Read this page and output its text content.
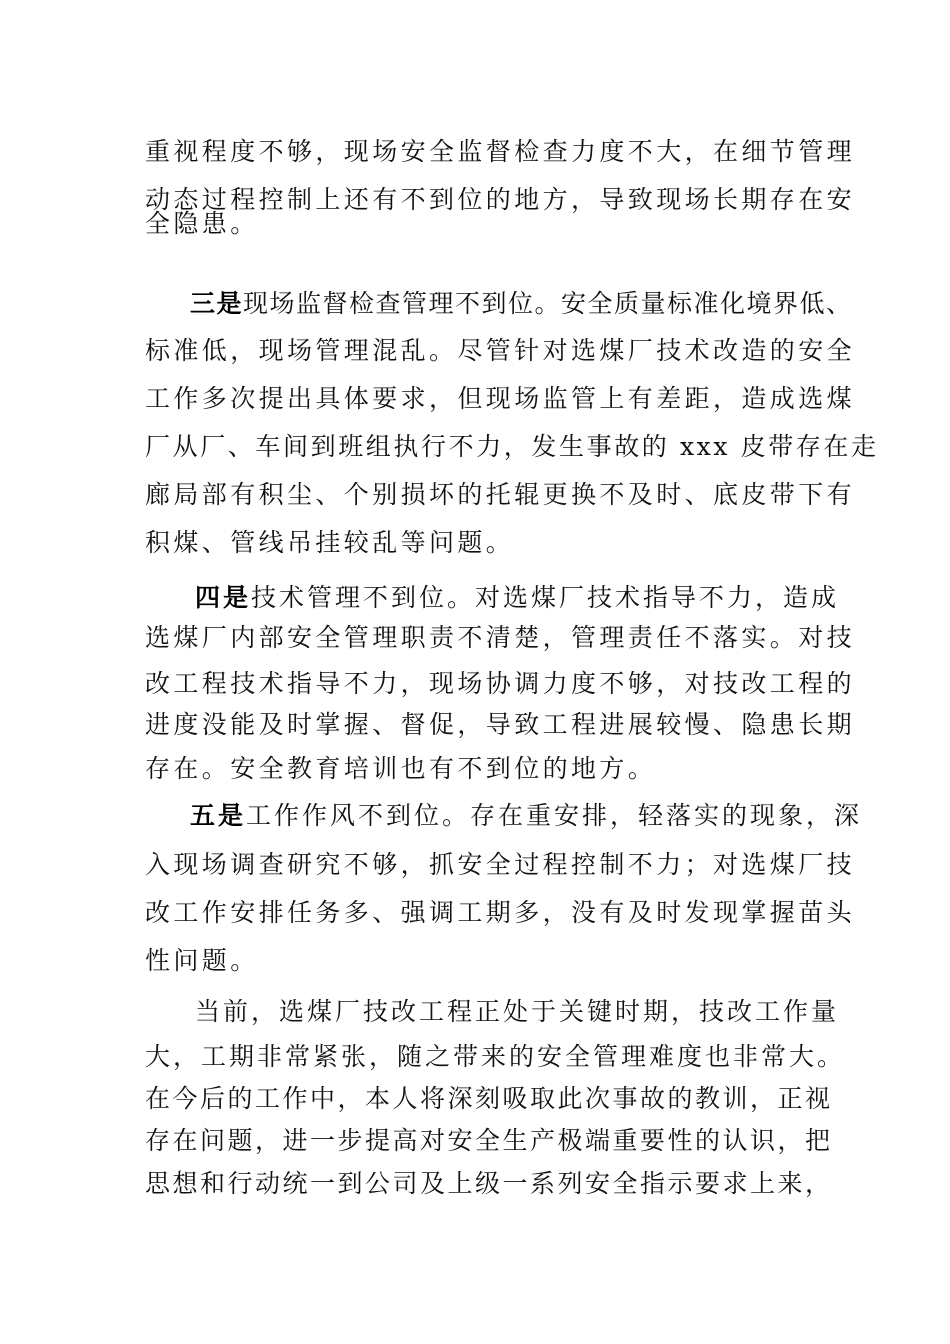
重视程度不够，现场安全监督检查力度不大，在细节管理
动态过程控制上还有不到位的地方，导致现场长期存在安
全隐患。
三是现场监督检查管理不到位。安全质量标准化境界低、
标准低，现场管理混乱。尽管针对选煤厂技术改造的安全
工作多次提出具体要求，但现场监管上有差距，造成选煤
厂从厂、车间到班组执行不力，发生事故的 xxx 皮带存在走
廊局部有积尘、个别损坏的托辊更换不及时、底皮带下有
积煤、管线吊挂较乱等问题。
四是技术管理不到位。对选煤厂技术指导不力，造成
选煤厂内部安全管理职责不清楚，管理责任不落实。对技
改工程技术指导不力，现场协调力度不够，对技改工程的
进度没能及时掌握、督促，导致工程进展较慢、隐患长期
存在。安全教育培训也有不到位的地方。
五是工作作风不到位。存在重安排，轻落实的现象，深
入现场调查研究不够，抓安全过程控制不力；对选煤厂技
改工作安排任务多、强调工期多，没有及时发现掌握苗头
性问题。
当前，选煤厂技改工程正处于关键时期，技改工作量
大，工期非常紧张，随之带来的安全管理难度也非常大。
在今后的工作中，本人将深刻吸取此次事故的教训，正视
存在问题，进一步提高对安全生产极端重要性的认识，把
思想和行动统一到公司及上级一系列安全指示要求上来，
